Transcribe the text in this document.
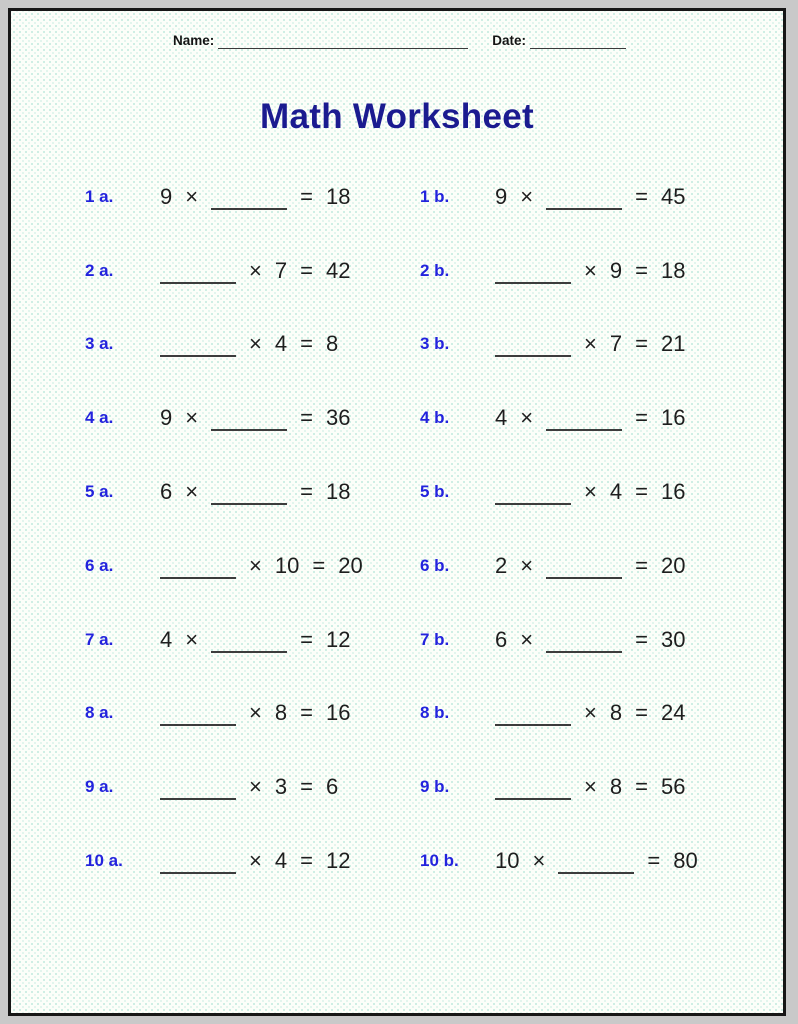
Name:	Date:
Math Worksheet
1 a.	9 ×	= 18	1 b.	9 ×	= 45
2 a.	× 7 = 42	2 b.	× 9 = 18
3 a.	× 4 = 8	3 b.	× 7 = 21
4 a.	9 ×	= 36	4 b.	4 ×	= 16
5 a.	6 ×	= 18	5 b.	× 4 = 16
6 a.	× 10 = 20	6 b.	2 ×	= 20
7 a.	4 ×	= 12	7 b.	6 ×	= 30
8 a.	× 8 = 16	8 b.	× 8 = 24
9 a.	× 3 = 6	9 b.	× 8 = 56
10 a.	× 4 = 12	10 b.	10 ×	= 80
